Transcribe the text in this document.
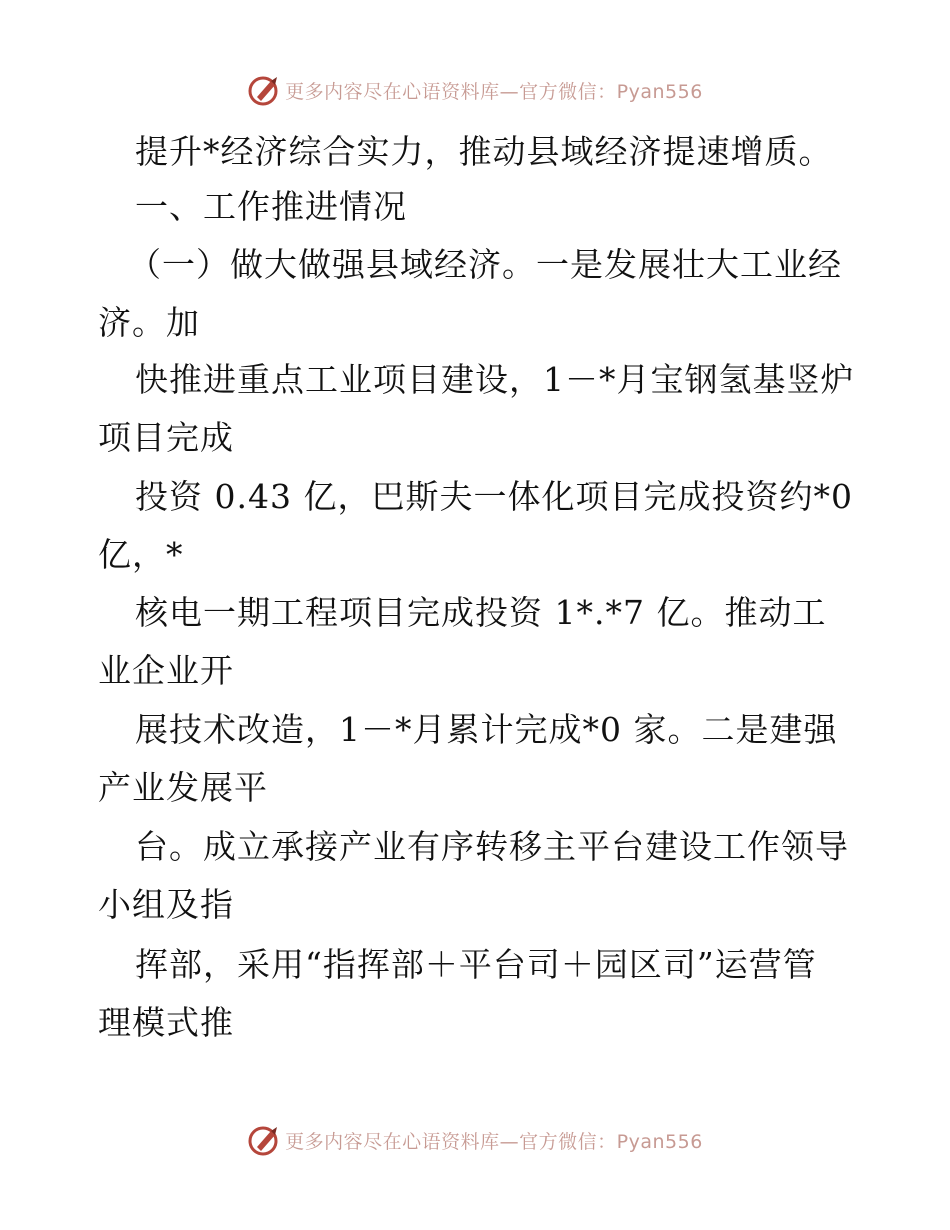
更多内容尽在心语资料库—官方微信：Pyan556
提升*经济综合实力，推动县域经济提速增质。
一、工作推进情况
（一）做大做强县域经济。一是发展壮大工业经
济。加
快推进重点工业项目建设，1－*月宝钢氢基竖炉
项目完成
投资 0.43 亿，巴斯夫一体化项目完成投资约*0
亿，*
核电一期工程项目完成投资 1*.*7 亿。推动工
业企业开
展技术改造，1－*月累计完成*0 家。二是建强
产业发展平
台。成立承接产业有序转移主平台建设工作领导
小组及指
挥部，采用“指挥部＋平台司＋园区司”运营管
理模式推
更多内容尽在心语资料库—官方微信：Pyan556
